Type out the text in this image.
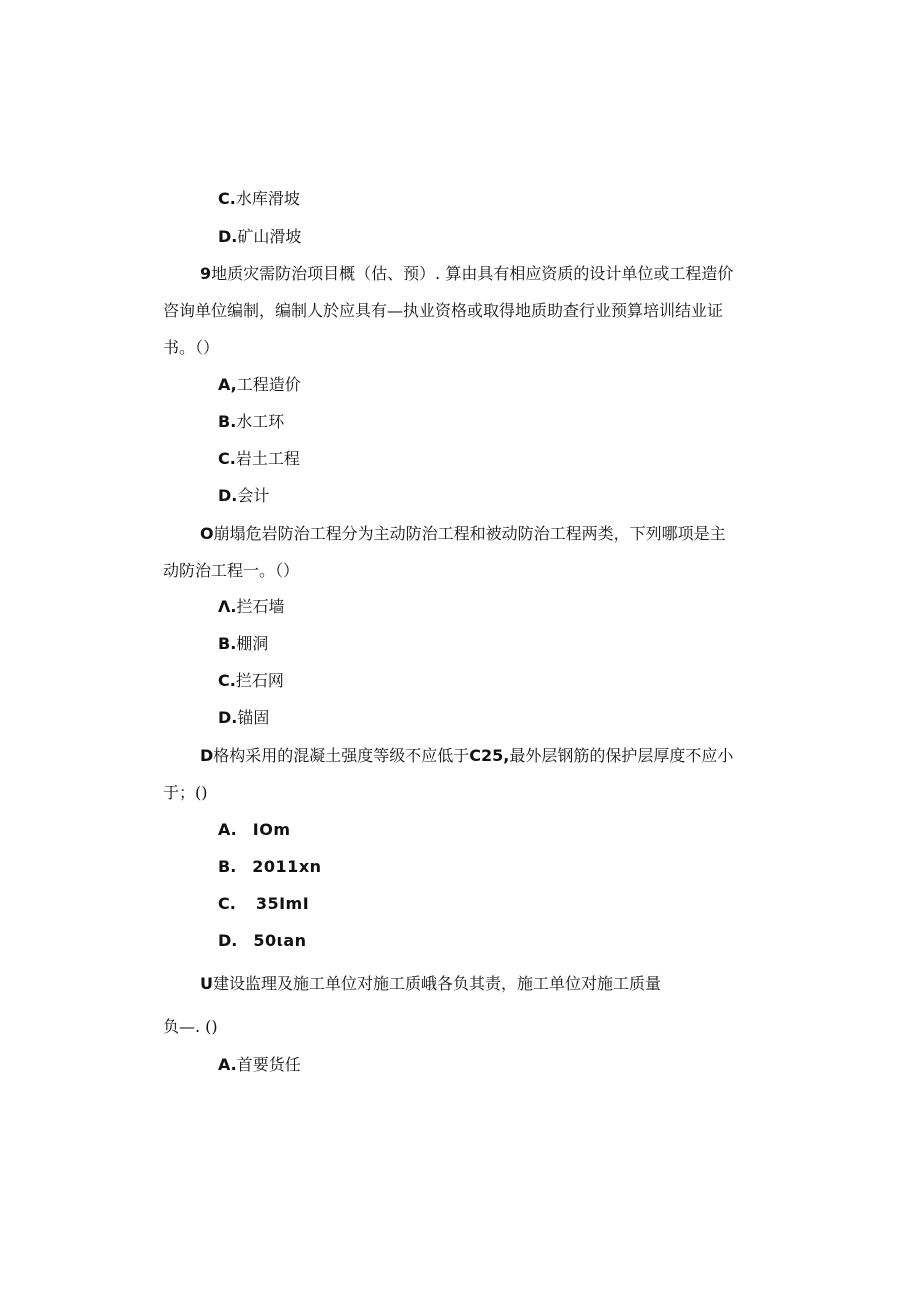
C.水库滑坡
D.矿山滑坡
9地质灾需防治项目概（估、预）. 算由具有相应资质的设计单位或工程造价
咨询单位编制，编制人於应具有—执业资格或取得地质助查行业预算培训结业证
书。（）
A,工程造价
B.水工环
C.岩土工程
D.会计
O崩塌危岩防治工程分为主动防治工程和被动防治工程两类，下列哪项是主
动防治工程一。（）
Λ.拦石墙
B.棚洞
C.拦石网
D.锚固
D格构采用的混凝土强度等级不应低于C25,最外层钢筋的保护层厚度不应小
于；()
A. IOm
B. 2011xn
C. 35ImI
D. 50ιan
U建设监理及施工单位对施工质峨各负其责，施工单位对施工质量
负—. ()
A.首要货任
